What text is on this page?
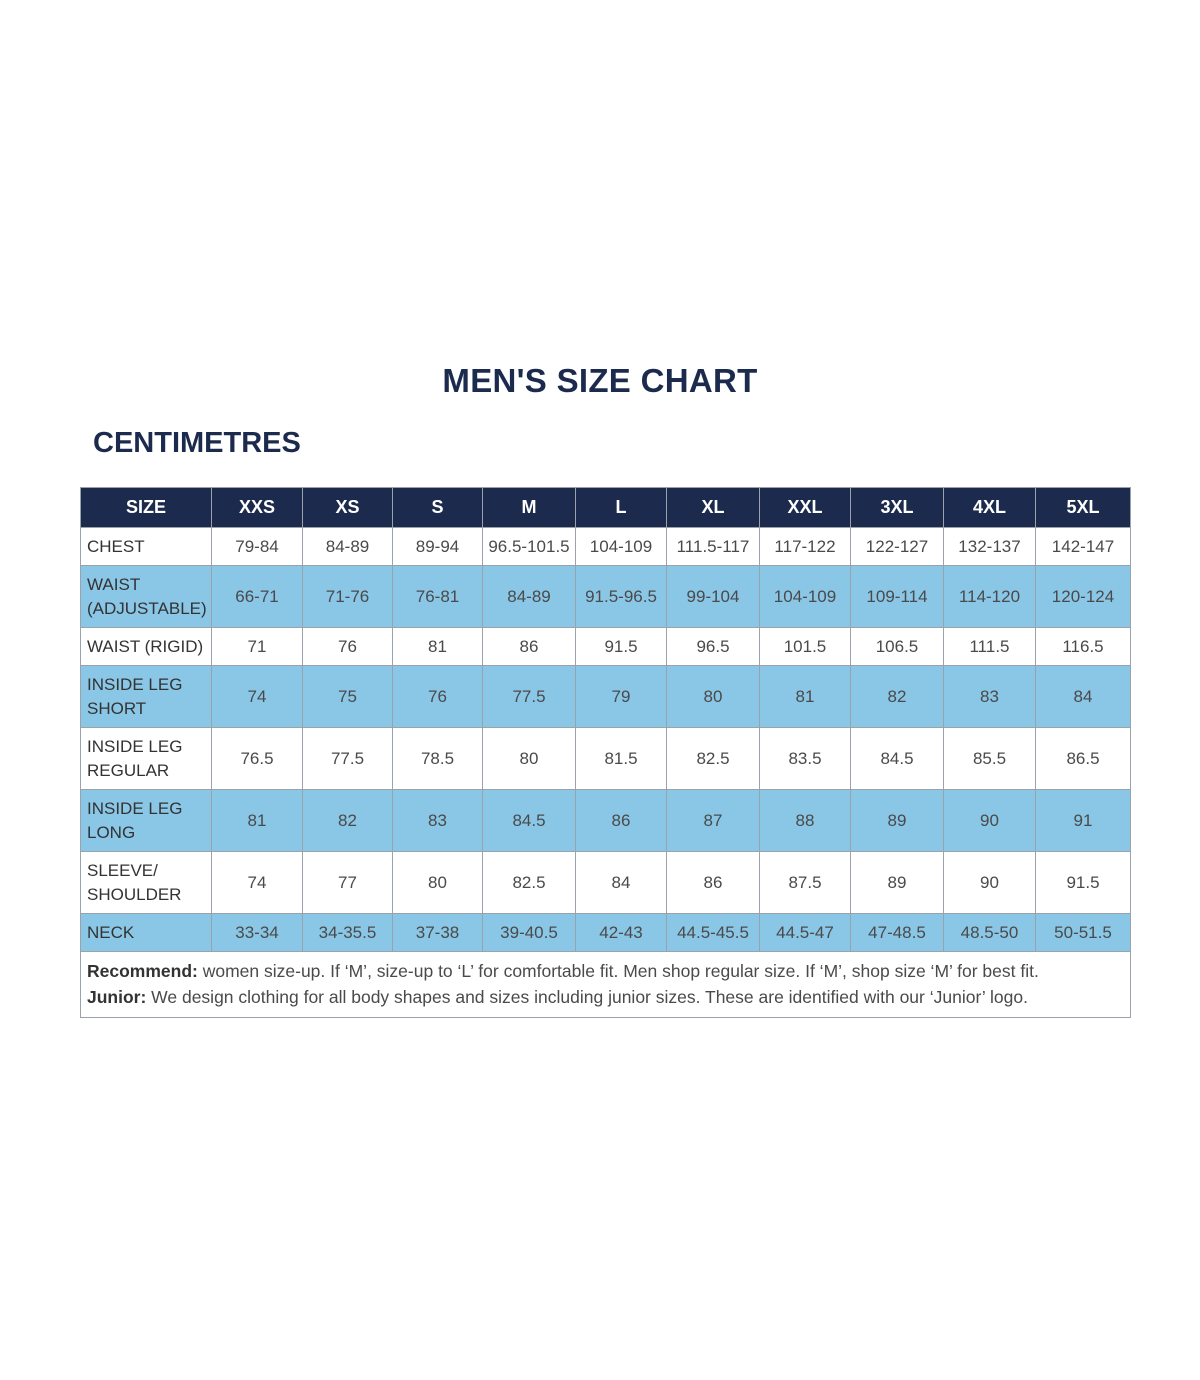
MEN'S SIZE CHART
CENTIMETRES
SIZE	XXS	XS	S	M	L	XL	XXL	3XL	4XL	5XL

CHEST	79-84	84-89	89-94	96.5-101.5	104-109	111.5-117	117-122	122-127	132-137	142-147

WAIST
(ADJUSTABLE)	66-71	71-76	76-81	84-89	91.5-96.5	99-104	104-109	109-114	114-120	120-124

WAIST (RIGID)	71	76	81	86	91.5	96.5	101.5	106.5	111.5	116.5

INSIDE LEG
SHORT	74	75	76	77.5	79	80	81	82	83	84

INSIDE LEG
REGULAR	76.5	77.5	78.5	80	81.5	82.5	83.5	84.5	85.5	86.5

INSIDE LEG
LONG	81	82	83	84.5	86	87	88	89	90	91

SLEEVE/
SHOULDER	74	77	80	82.5	84	86	87.5	89	90	91.5

NECK	33-34	34-35.5	37-38	39-40.5	42-43	44.5-45.5	44.5-47	47-48.5	48.5-50	50-51.5

Recommend: women size-up. If ‘M’, size-up to ‘L’ for comfortable fit. Men shop regular size. If ‘M’, shop size ‘M’ for best fit.
Junior: We design clothing for all body shapes and sizes including junior sizes. These are identified with our ‘Junior’ logo.										
